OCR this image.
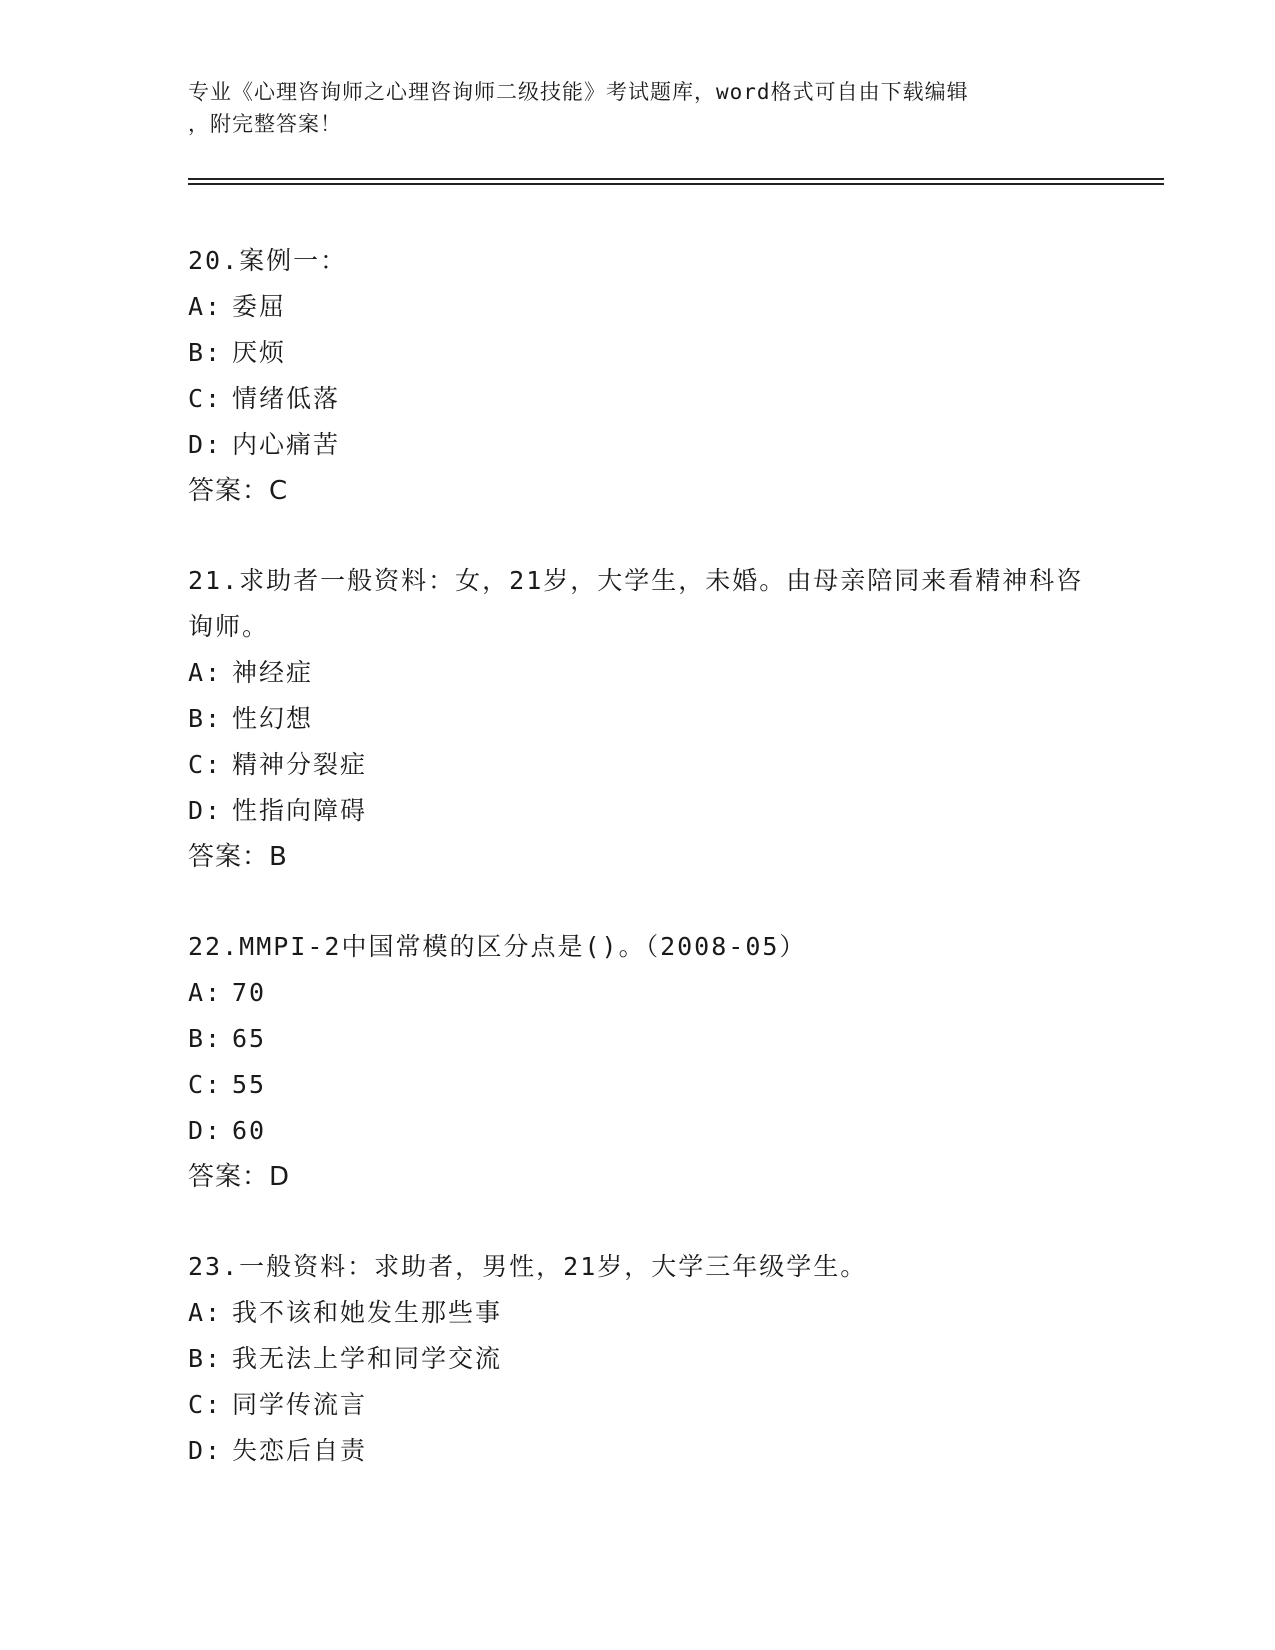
专业《心理咨询师之心理咨询师二级技能》考试题库，word格式可自由下载编辑
，附完整答案！

20.案例一：

A: 委屈

B: 厌烦

C: 情绪低落

D: 内心痛苦

答案：C

21.求助者一般资料：女，21岁，大学生，未婚。由母亲陪同来看精神科咨询师。

A: 神经症

B: 性幻想

C: 精神分裂症

D: 性指向障碍

答案：B

22.MMPI-2中国常模的区分点是()。（2008-05）

A: 70

B: 65

C: 55

D: 60

答案：D

23.一般资料：求助者，男性，21岁，大学三年级学生。

A: 我不该和她发生那些事

B: 我无法上学和同学交流

C: 同学传流言

D: 失恋后自责
